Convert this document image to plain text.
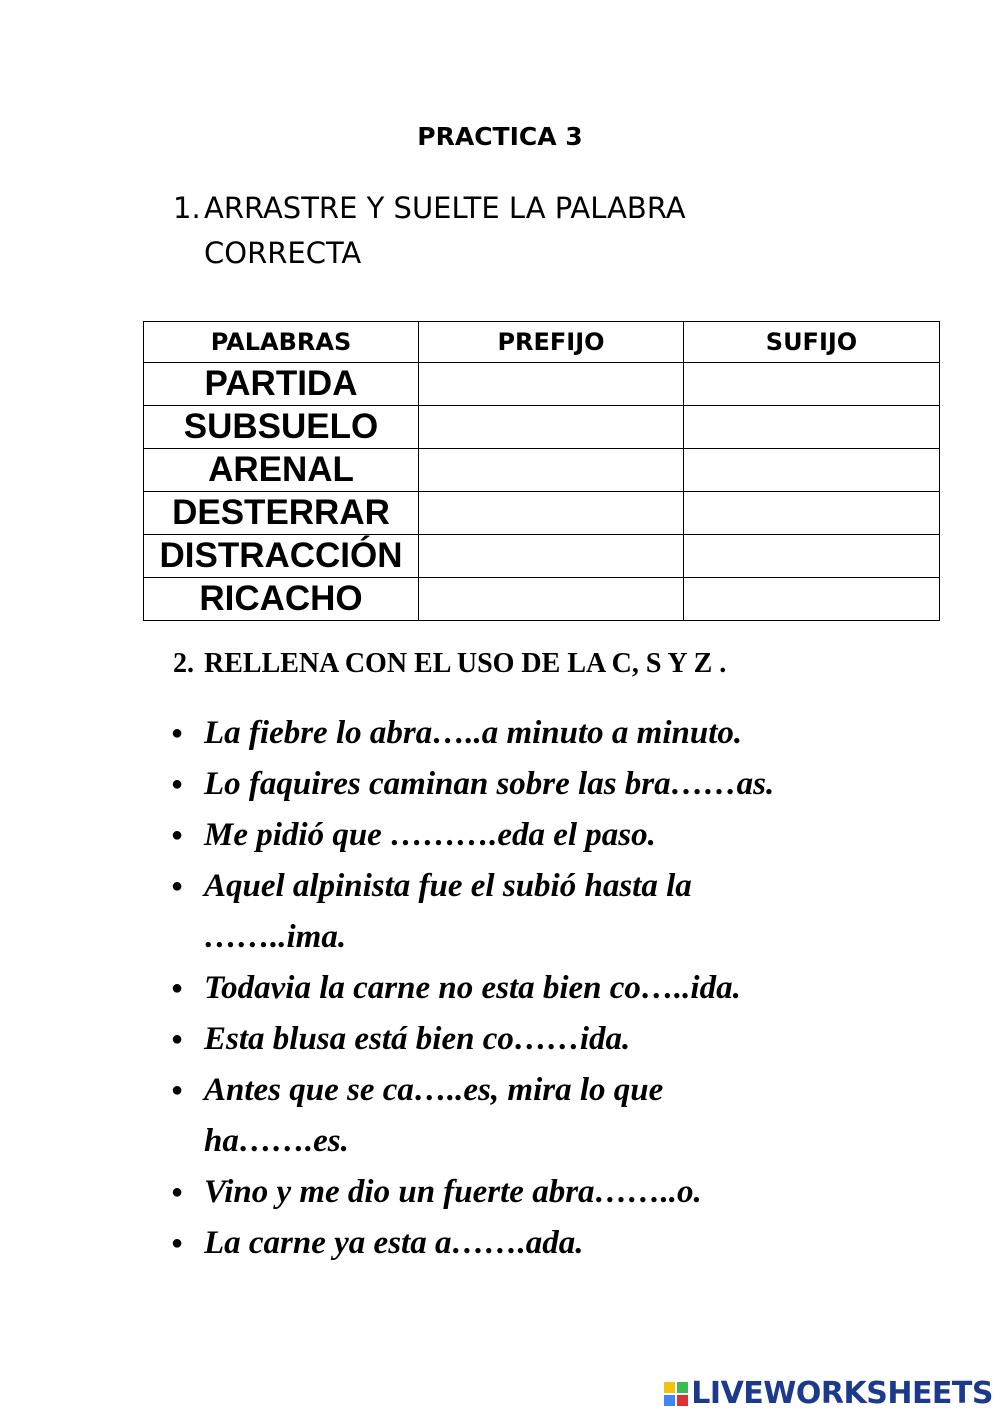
PRACTICA 3
1. ARRASTRE Y SUELTE LA PALABRA CORRECTA
PALABRAS	PREFIJO	SUFIJO
PARTIDA		
SUBSUELO		
ARENAL		
DESTERRAR		
DISTRACCIÓN		
RICACHO		
2. RELLENA CON EL USO DE LA C, S Y Z .
● La fiebre lo abra…..a minuto a minuto.
● Lo faquires caminan sobre las bra……as.
● Me pidió que ……….eda el paso.
● Aquel alpinista fue el subió hasta la ……..ima.
● Todavia la carne no esta bien co…..ida.
● Esta blusa está bien co……ida.
● Antes que se ca…..es, mira lo que ha…….es.
● Vino y me dio un fuerte abra……..o.
● La carne ya esta a…….ada.
LIVEWORKSHEETS
